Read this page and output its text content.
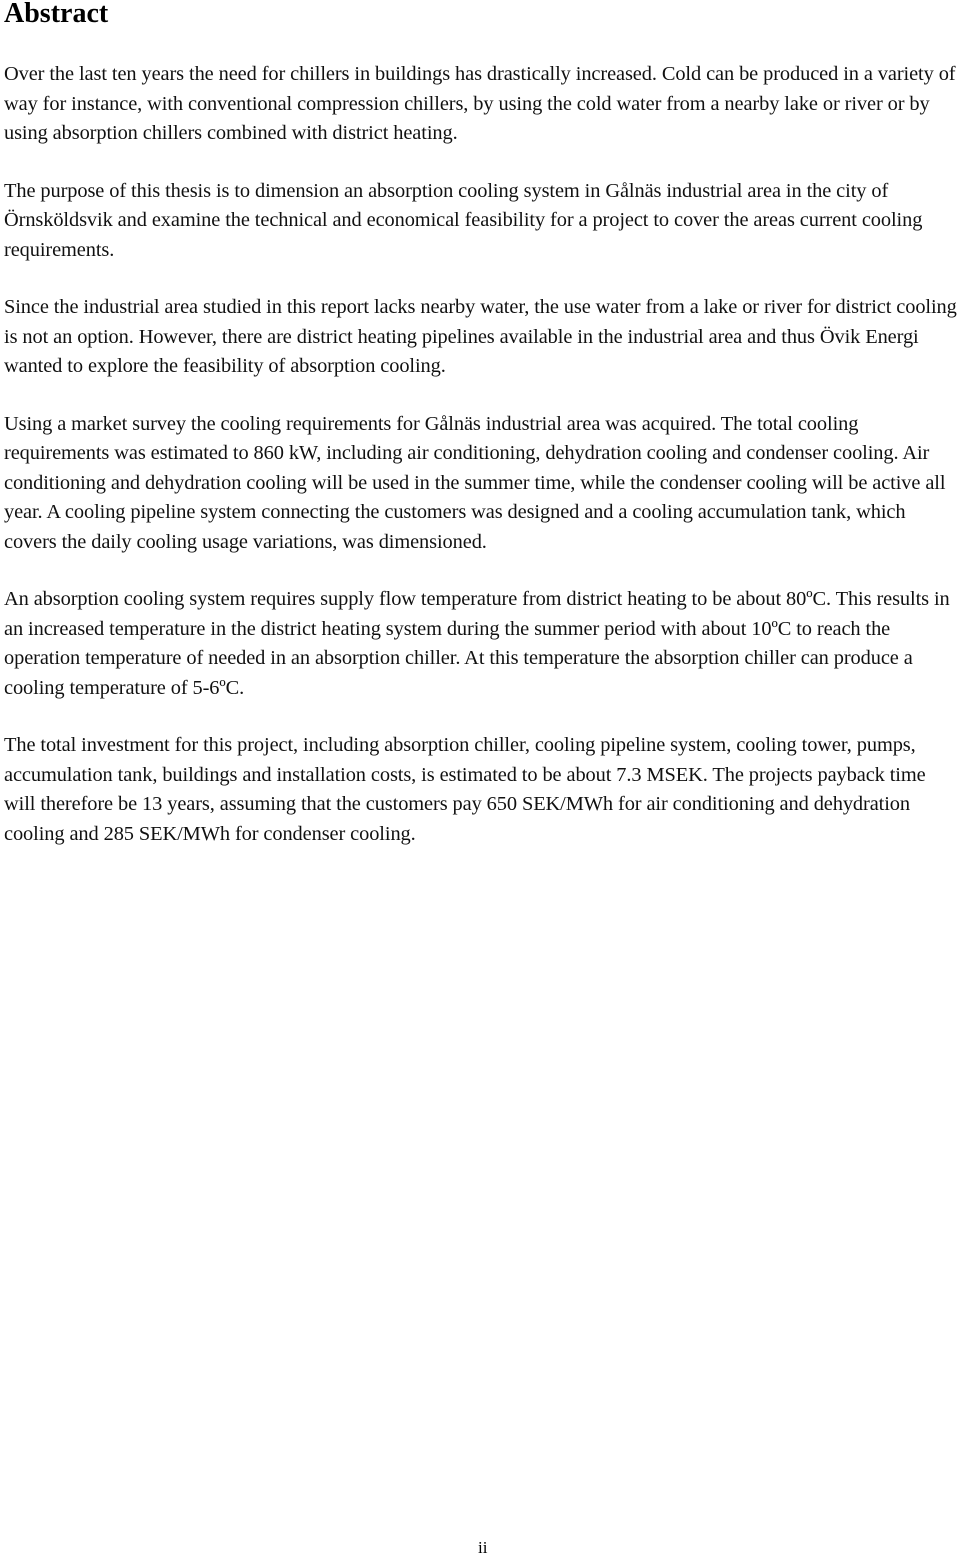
Abstract

Over the last ten years the need for chillers in buildings has drastically increased. Cold can be produced in a variety of way for instance, with conventional compression chillers, by using the cold water from a nearby lake or river or by using absorption chillers combined with district heating.

The purpose of this thesis is to dimension an absorption cooling system in Gålnäs industrial area in the city of Örnsköldsvik and examine the technical and economical feasibility for a project to cover the areas current cooling requirements.

Since the industrial area studied in this report lacks nearby water, the use water from a lake or river for district cooling is not an option. However, there are district heating pipelines available in the industrial area and thus Övik Energi wanted to explore the feasibility of absorption cooling.

Using a market survey the cooling requirements for Gålnäs industrial area was acquired. The total cooling requirements was estimated to 860 kW, including air conditioning, dehydration cooling and condenser cooling. Air conditioning and dehydration cooling will be used in the summer time, while the condenser cooling will be active all year. A cooling pipeline system connecting the customers was designed and a cooling accumulation tank, which covers the daily cooling usage variations, was dimensioned.

An absorption cooling system requires supply flow temperature from district heating to be about 80ºC. This results in an increased temperature in the district heating system during the summer period with about 10ºC to reach the operation temperature of needed in an absorption chiller. At this temperature the absorption chiller can produce a cooling temperature of 5-6ºC.

The total investment for this project, including absorption chiller, cooling pipeline system, cooling tower, pumps, accumulation tank, buildings and installation costs, is estimated to be about 7.3 MSEK. The projects payback time will therefore be 13 years, assuming that the customers pay 650 SEK/MWh for air conditioning and dehydration cooling and 285 SEK/MWh for condenser cooling.

ii
